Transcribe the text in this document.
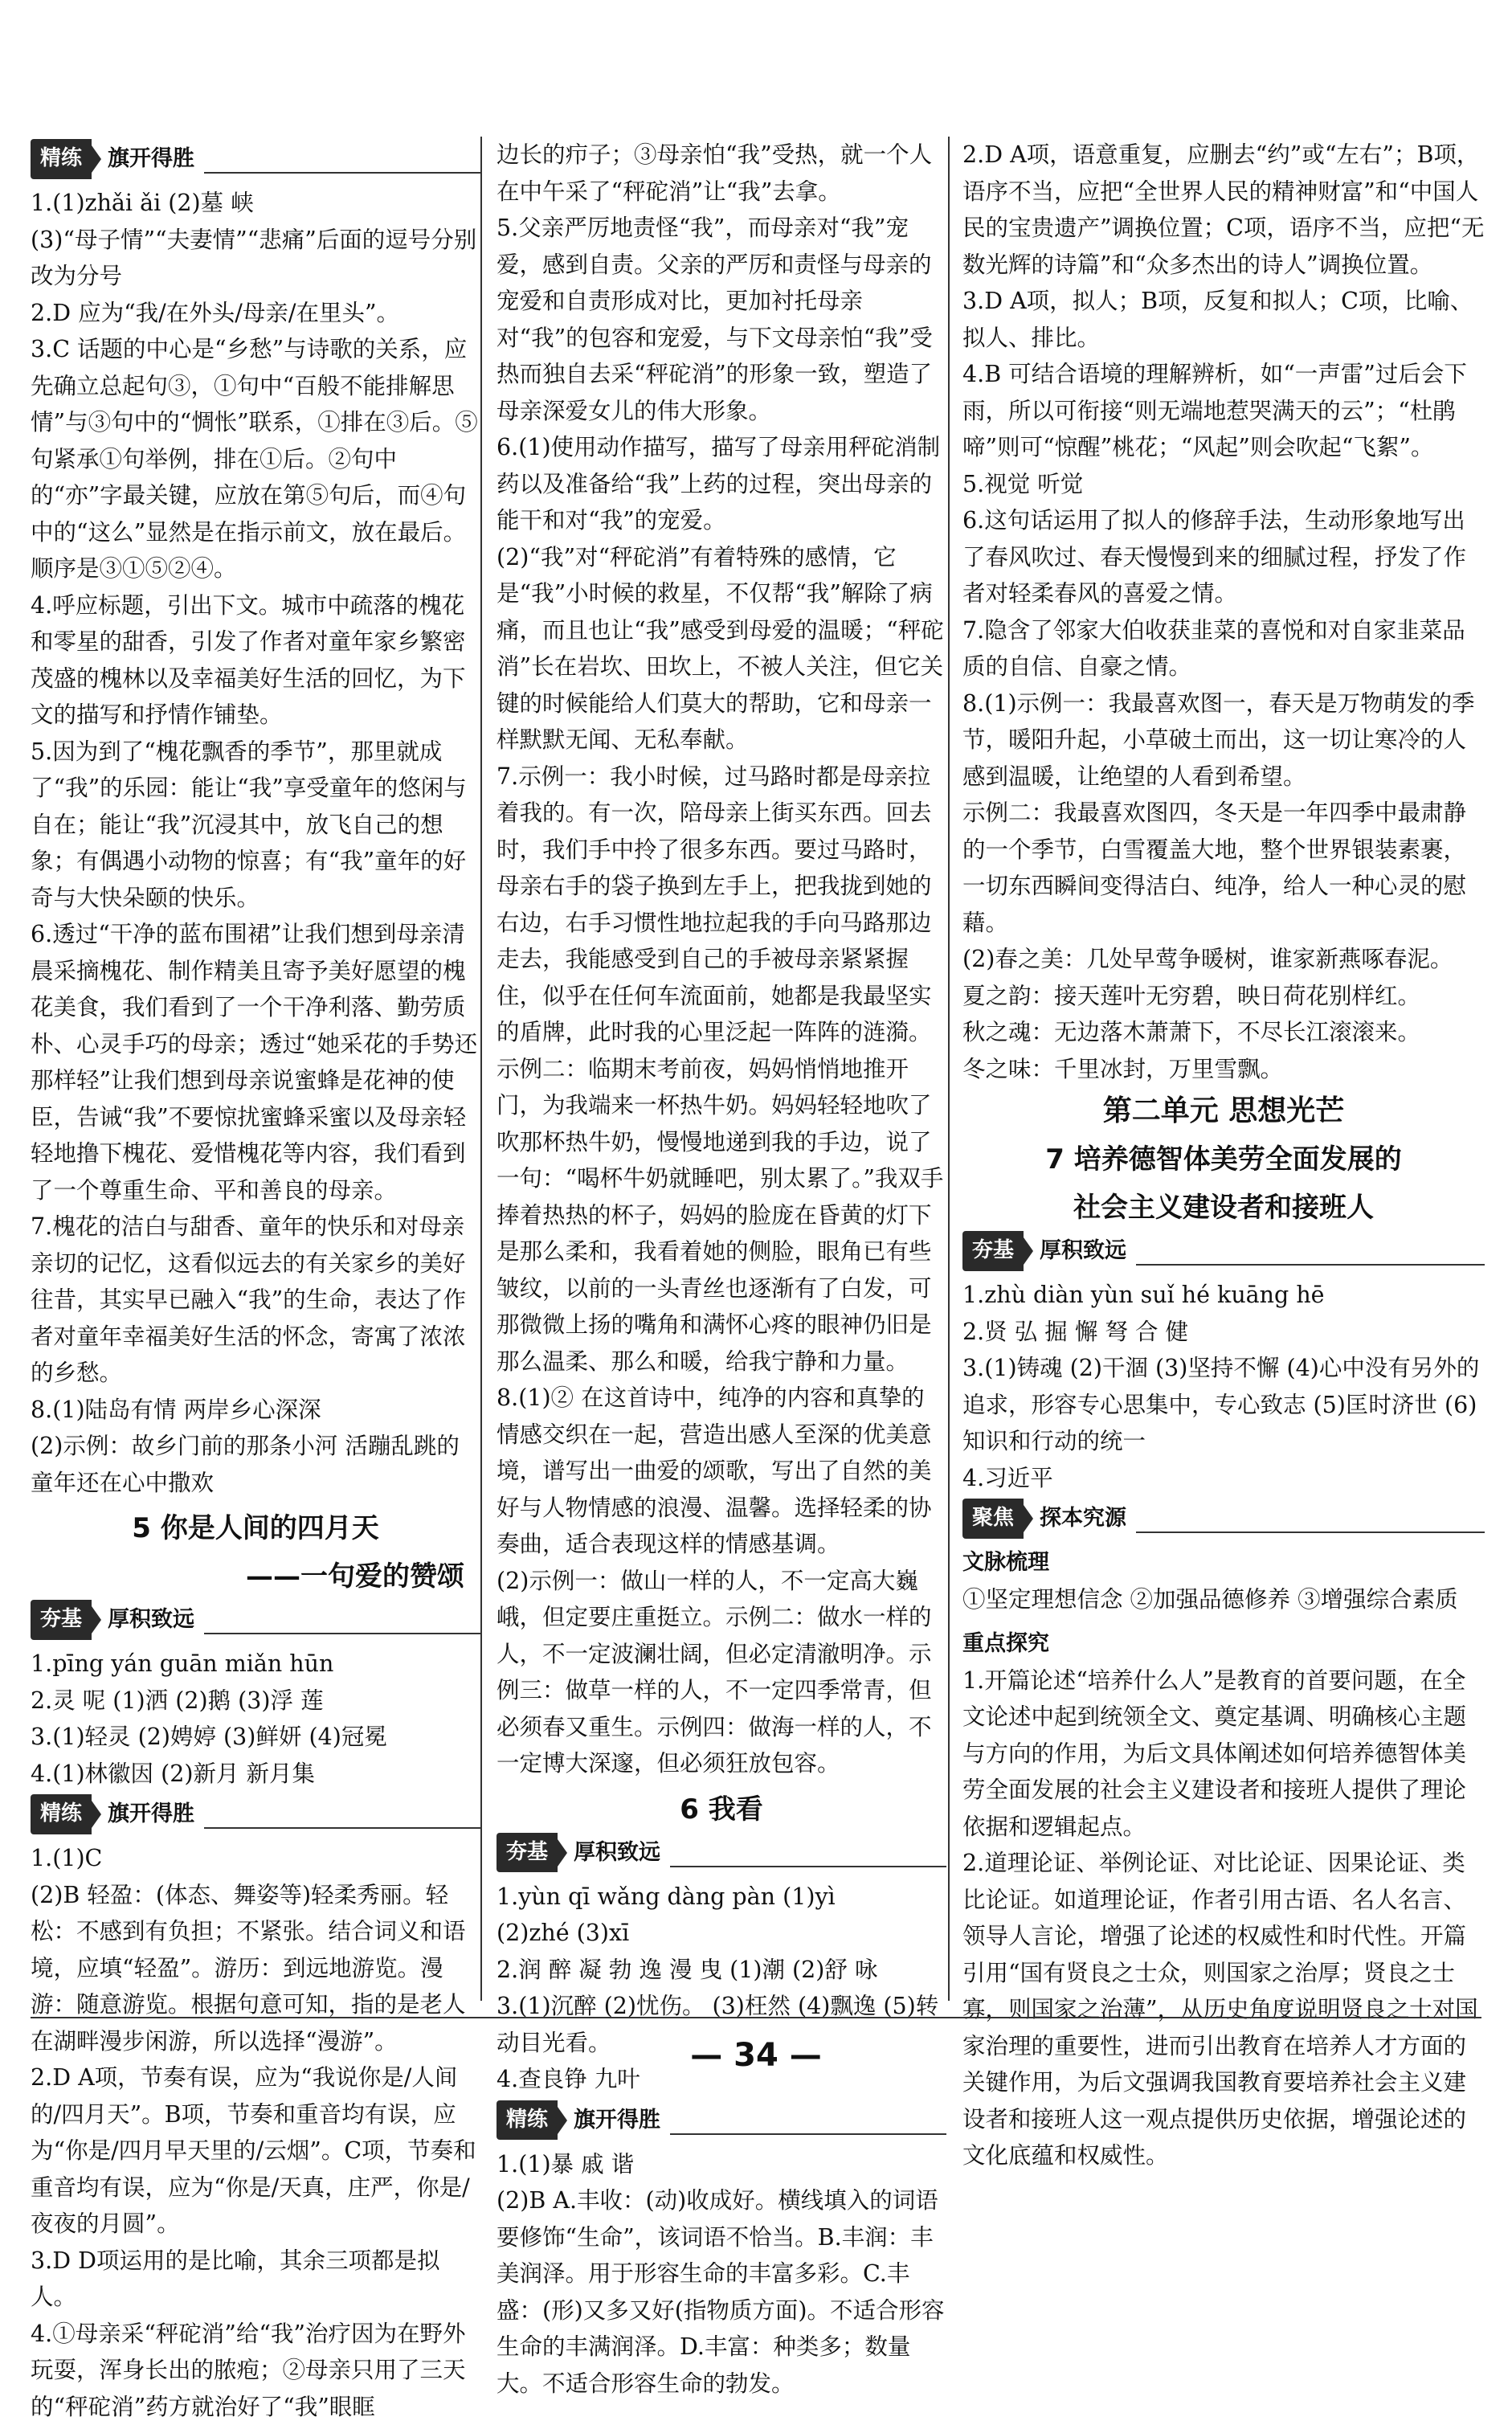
精练	旗开得胜

1.(1)zhǎi ǎi (2)墓 峡

(3)“母子情”“夫妻情”“悲痛”后面的逗号分别改为分号

2.D 应为“我/在外头/母亲/在里头”。

3.C 话题的中心是“乡愁”与诗歌的关系，应先确立总起句③，①句中“百般不能排解思情”与③句中的“惆怅”联系，①排在③后。⑤句紧承①句举例，排在①后。②句中的“亦”字最关键，应放在第⑤句后，而④句中的“这么”显然是在指示前文，放在最后。顺序是③①⑤②④。

4.呼应标题，引出下文。城市中疏落的槐花和零星的甜香，引发了作者对童年家乡繁密茂盛的槐林以及幸福美好生活的回忆，为下文的描写和抒情作铺垫。

5.因为到了“槐花飘香的季节”，那里就成了“我”的乐园：能让“我”享受童年的悠闲与自在；能让“我”沉浸其中，放飞自己的想象；有偶遇小动物的惊喜；有“我”童年的好奇与大快朵颐的快乐。

6.透过“干净的蓝布围裙”让我们想到母亲清晨采摘槐花、制作精美且寄予美好愿望的槐花美食，我们看到了一个干净利落、勤劳质朴、心灵手巧的母亲；透过“她采花的手势还那样轻”让我们想到母亲说蜜蜂是花神的使臣，告诫“我”不要惊扰蜜蜂采蜜以及母亲轻轻地撸下槐花、爱惜槐花等内容，我们看到了一个尊重生命、平和善良的母亲。

7.槐花的洁白与甜香、童年的快乐和对母亲亲切的记忆，这看似远去的有关家乡的美好往昔，其实早已融入“我”的生命，表达了作者对童年幸福美好生活的怀念，寄寓了浓浓的乡愁。

8.(1)陆岛有情 两岸乡心深深

(2)示例：故乡门前的那条小河 活蹦乱跳的童年还在心中撒欢

5 你是人间的四月天
——一句爱的赞颂
夯基	厚积致远

1.pīng yán guān miǎn hūn

2.灵 呢 (1)洒 (2)鹅 (3)浮 莲

3.(1)轻灵 (2)娉婷 (3)鲜妍 (4)冠冕

4.(1)林徽因 (2)新月 新月集

精练	旗开得胜

1.(1)C

(2)B 轻盈：(体态、舞姿等)轻柔秀丽。轻松：不感到有负担；不紧张。结合词义和语境，应填“轻盈”。游历：到远地游览。漫游：随意游览。根据句意可知，指的是老人在湖畔漫步闲游，所以选择“漫游”。

2.D A项，节奏有误，应为“我说你是/人间的/四月天”。B项，节奏和重音均有误，应为“你是/四月早天里的/云烟”。C项，节奏和重音均有误，应为“你是/天真，庄严，你是/夜夜的月圆”。

3.D D项运用的是比喻，其余三项都是拟人。

4.①母亲采“秤砣消”给“我”治疗因为在野外玩耍，浑身长出的脓疱；②母亲只用了三天的“秤砣消”药方就治好了“我”眼眶

边长的疖子；③母亲怕“我”受热，就一个人在中午采了“秤砣消”让“我”去拿。

5.父亲严厉地责怪“我”，而母亲对“我”宠爱，感到自责。父亲的严厉和责怪与母亲的宠爱和自责形成对比，更加衬托母亲对“我”的包容和宠爱，与下文母亲怕“我”受热而独自去采“秤砣消”的形象一致，塑造了母亲深爱女儿的伟大形象。

6.(1)使用动作描写，描写了母亲用秤砣消制药以及准备给“我”上药的过程，突出母亲的能干和对“我”的宠爱。

(2)“我”对“秤砣消”有着特殊的感情，它是“我”小时候的救星，不仅帮“我”解除了病痛，而且也让“我”感受到母爱的温暖；“秤砣消”长在岩坎、田坎上，不被人关注，但它关键的时候能给人们莫大的帮助，它和母亲一样默默无闻、无私奉献。

7.示例一：我小时候，过马路时都是母亲拉着我的。有一次，陪母亲上街买东西。回去时，我们手中拎了很多东西。要过马路时，母亲右手的袋子换到左手上，把我拢到她的右边，右手习惯性地拉起我的手向马路那边走去，我能感受到自己的手被母亲紧紧握住，似乎在任何车流面前，她都是我最坚实的盾牌，此时我的心里泛起一阵阵的涟漪。

示例二：临期末考前夜，妈妈悄悄地推开门，为我端来一杯热牛奶。妈妈轻轻地吹了吹那杯热牛奶，慢慢地递到我的手边，说了一句：“喝杯牛奶就睡吧，别太累了。”我双手捧着热热的杯子，妈妈的脸庞在昏黄的灯下是那么柔和，我看着她的侧脸，眼角已有些皱纹，以前的一头青丝也逐渐有了白发，可那微微上扬的嘴角和满怀心疼的眼神仍旧是那么温柔、那么和暖，给我宁静和力量。

8.(1)② 在这首诗中，纯净的内容和真挚的情感交织在一起，营造出感人至深的优美意境，谱写出一曲爱的颂歌，写出了自然的美好与人物情感的浪漫、温馨。选择轻柔的协奏曲，适合表现这样的情感基调。

(2)示例一：做山一样的人，不一定高大巍峨，但定要庄重挺立。示例二：做水一样的人，不一定波澜壮阔，但必定清澈明净。示例三：做草一样的人，不一定四季常青，但必须春又重生。示例四：做海一样的人，不一定博大深邃，但必须狂放包容。

6 我看
夯基	厚积致远

1.yùn qī wǎng dàng pàn (1)yì

(2)zhé (3)xī

2.润 醉 凝 勃 逸 漫 曳 (1)潮 (2)舒 咏

3.(1)沉醉 (2)忧伤。 (3)枉然 (4)飘逸 (5)转动目光看。

4.查良铮 九叶

精练	旗开得胜

1.(1)暴 戚 谐

(2)B A.丰收：(动)收成好。横线填入的词语要修饰“生命”，该词语不恰当。B.丰润：丰美润泽。用于形容生命的丰富多彩。C.丰盛：(形)又多又好(指物质方面)。不适合形容生命的丰满润泽。D.丰富：种类多；数量大。不适合形容生命的勃发。

2.D A项，语意重复，应删去“约”或“左右”；B项，语序不当，应把“全世界人民的精神财富”和“中国人民的宝贵遗产”调换位置；C项，语序不当，应把“无数光辉的诗篇”和“众多杰出的诗人”调换位置。

3.D A项，拟人；B项，反复和拟人；C项，比喻、拟人、排比。

4.B 可结合语境的理解辨析，如“一声雷”过后会下雨，所以可衔接“则无端地惹哭满天的云”；“杜鹃啼”则可“惊醒”桃花；“风起”则会吹起“飞絮”。

5.视觉 听觉

6.这句话运用了拟人的修辞手法，生动形象地写出了春风吹过、春天慢慢到来的细腻过程，抒发了作者对轻柔春风的喜爱之情。

7.隐含了邻家大伯收获韭菜的喜悦和对自家韭菜品质的自信、自豪之情。

8.(1)示例一：我最喜欢图一，春天是万物萌发的季节，暖阳升起，小草破土而出，这一切让寒冷的人感到温暖，让绝望的人看到希望。

示例二：我最喜欢图四，冬天是一年四季中最肃静的一个季节，白雪覆盖大地，整个世界银装素裹，一切东西瞬间变得洁白、纯净，给人一种心灵的慰藉。

(2)春之美：几处早莺争暖树，谁家新燕啄春泥。

夏之韵：接天莲叶无穷碧，映日荷花别样红。

秋之魂：无边落木萧萧下，不尽长江滚滚来。

冬之味：千里冰封，万里雪飘。

第二单元 思想光芒
7 培养德智体美劳全面发展的
社会主义建设者和接班人
夯基	厚积致远

1.zhù diàn yùn suǐ hé kuāng hē

2.贤 弘 掘 懈 弩 合 健

3.(1)铸魂 (2)干涸 (3)坚持不懈 (4)心中没有另外的追求，形容专心思集中，专心致志 (5)匡时济世 (6)知识和行动的统一

4.习近平

聚焦	探本究源
文脉梳理

①坚定理想信念 ②加强品德修养 ③增强综合素质

重点探究

1.开篇论述“培养什么人”是教育的首要问题，在全文论述中起到统领全文、奠定基调、明确核心主题与方向的作用，为后文具体阐述如何培养德智体美劳全面发展的社会主义建设者和接班人提供了理论依据和逻辑起点。

2.道理论证、举例论证、对比论证、因果论证、类比论证。如道理论证，作者引用古语、名人名言、领导人言论，增强了论述的权威性和时代性。开篇引用“国有贤良之士众，则国家之治厚；贤良之士寡，则国家之治薄”，从历史角度说明贤良之士对国家治理的重要性，进而引出教育在培养人才方面的关键作用，为后文强调我国教育要培养社会主义建设者和接班人这一观点提供历史依据，增强论述的文化底蕴和权威性。

— 34 —
